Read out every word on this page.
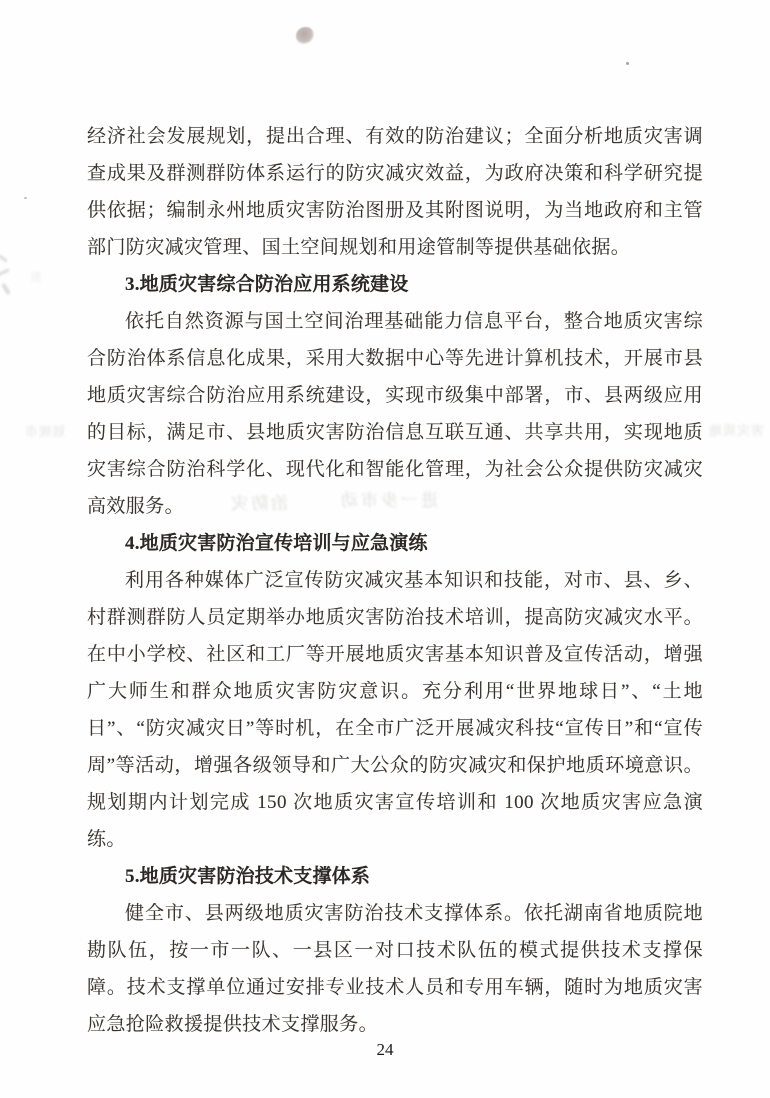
经济社会发展规划，提出合理、有效的防治建议；全面分析地质灾害调查成果及群测群防体系运行的防灾减灾效益，为政府决策和科学研究提供依据；编制永州地质灾害防治图册及其附图说明，为当地政府和主管部门防灾减灾管理、国土空间规划和用途管制等提供基础依据。

3.地质灾害综合防治应用系统建设

依托自然资源与国土空间治理基础能力信息平台，整合地质灾害综合防治体系信息化成果，采用大数据中心等先进计算机技术，开展市县地质灾害综合防治应用系统建设，实现市级集中部署，市、县两级应用的目标，满足市、县地质灾害防治信息互联互通、共享共用，实现地质灾害综合防治科学化、现代化和智能化管理，为社会公众提供防灾减灾高效服务。

4.地质灾害防治宣传培训与应急演练

利用各种媒体广泛宣传防灾减灾基本知识和技能，对市、县、乡、村群测群防人员定期举办地质灾害防治技术培训，提高防灾减灾水平。在中小学校、社区和工厂等开展地质灾害基本知识普及宣传活动，增强广大师生和群众地质灾害防灾意识。充分利用“世界地球日”、“土地日”、“防灾减灾日”等时机，在全市广泛开展减灾科技“宣传日”和“宣传周”等活动，增强各级领导和广大公众的防灾减灾和保护地质环境意识。规划期内计划完成 150 次地质灾害宣传培训和 100 次地质灾害应急演练。

5.地质灾害防治技术支撑体系

健全市、县两级地质灾害防治技术支撑体系。依托湖南省地质院地勘队伍，按一市一队、一县区一对口技术队伍的模式提供技术支撑保障。技术支撑单位通过安排专业技术人员和专用车辆，随时为地质灾害应急抢险救援提供技术支撑服务。

24
迹
划规市	害灾质地
治防灾	进一步市动
